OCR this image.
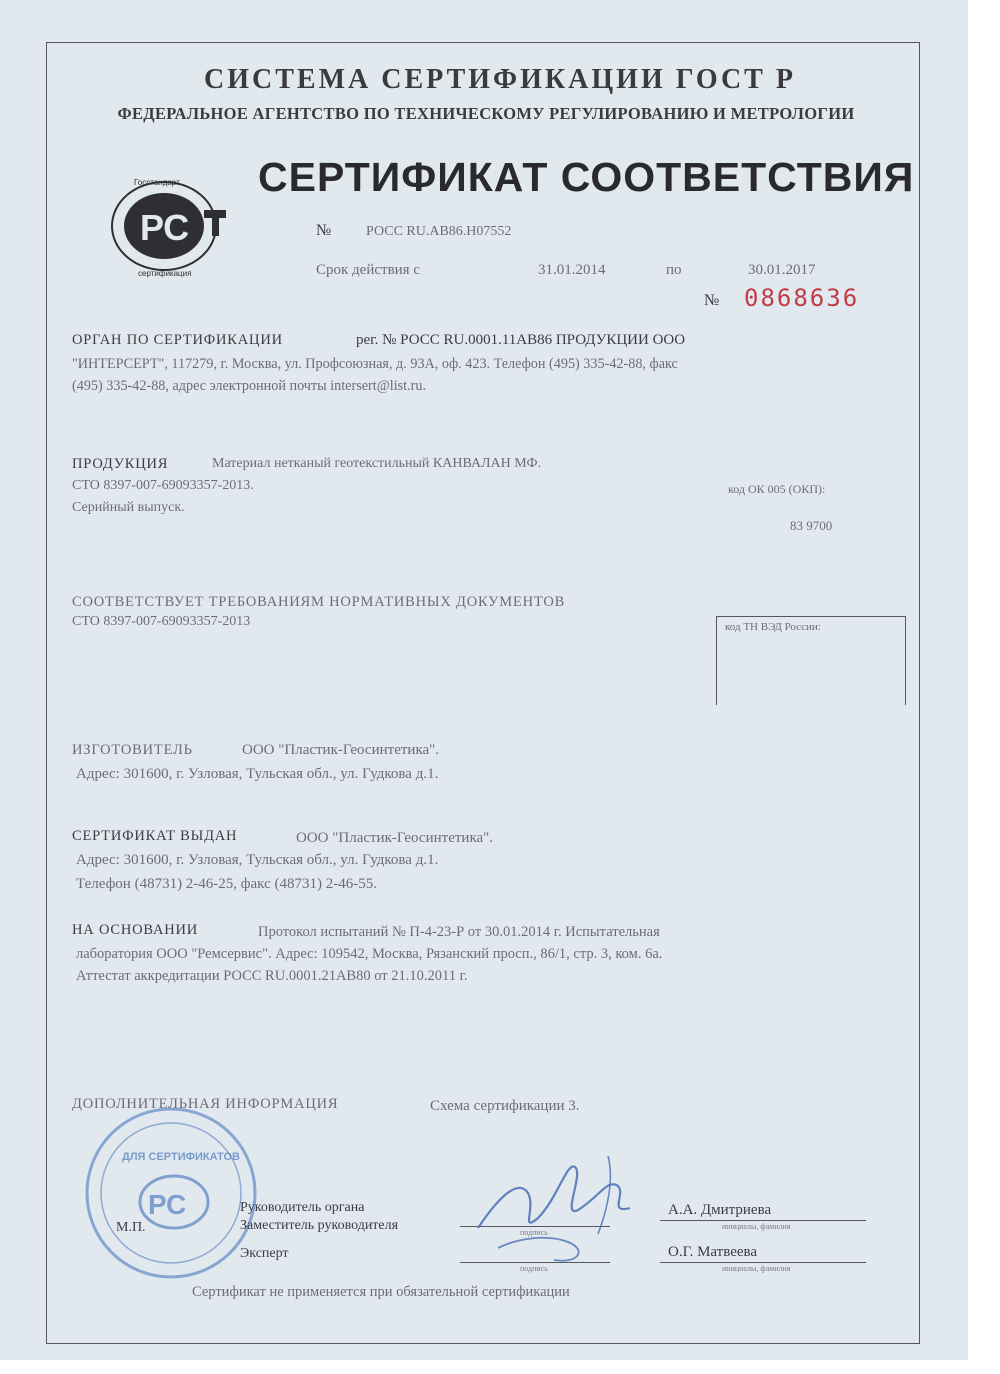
СИСТЕМА СЕРТИФИКАЦИИ ГОСТ Р
ФЕДЕРАЛЬНОЕ АГЕНТСТВО ПО ТЕХНИЧЕСКОМУ РЕГУЛИРОВАНИЮ И МЕТРОЛОГИИ
РС
Госстандарт
сертификация
СЕРТИФИКАТ СООТВЕТСТВИЯ
№ РОСС RU.АВ86.Н07552
Срок действия с	31.01.2014	по	30.01.2017
№ 0868636
ОРГАН ПО СЕРТИФИКАЦИИ	рег. № РОСС RU.0001.11АВ86 ПРОДУКЦИИ ООО
"ИНТЕРСЕРТ", 117279, г. Москва, ул. Профсоюзная, д. 93А, оф. 423. Телефон (495) 335-42-88, факс
(495) 335-42-88, адрес электронной почты intersert@list.ru.
ПРОДУКЦИЯ	Материал нетканый геотекстильный КАНВАЛАН МФ.
СТО 8397-007-69093357-2013.
Серийный выпуск.
код ОК 005 (ОКП):
83 9700
СООТВЕТСТВУЕТ ТРЕБОВАНИЯМ НОРМАТИВНЫХ ДОКУМЕНТОВ
СТО 8397-007-69093357-2013	код ТН ВЭД России:
ИЗГОТОВИТЕЛЬ	ООО "Пластик-Геосинтетика".
Адрес: 301600, г. Узловая, Тульская обл., ул. Гудкова д.1.
СЕРТИФИКАТ ВЫДАН	ООО "Пластик-Геосинтетика".
Адрес: 301600, г. Узловая, Тульская обл., ул. Гудкова д.1.
Телефон (48731) 2-46-25, факс (48731) 2-46-55.
НА ОСНОВАНИИ	Протокол испытаний № П-4-23-Р от 30.01.2014 г. Испытательная
лаборатория ООО "Ремсервис". Адрес: 109542, Москва, Рязанский просп., 86/1, стр. 3, ком. 6а.
Аттестат аккредитации РОСС RU.0001.21АВ80 от 21.10.2011 г.
ДОПОЛНИТЕЛЬНАЯ ИНФОРМАЦИЯ	Схема сертификации 3.
ДЛЯ СЕРТИФИКАТОВ
РС
М.П.
Руководитель органа
Заместитель руководителя
Эксперт
подпись
подпись
А.А. Дмитриева
инициалы, фамилия
О.Г. Матвеева
инициалы, фамилия
Сертификат не применяется при обязательной сертификации
